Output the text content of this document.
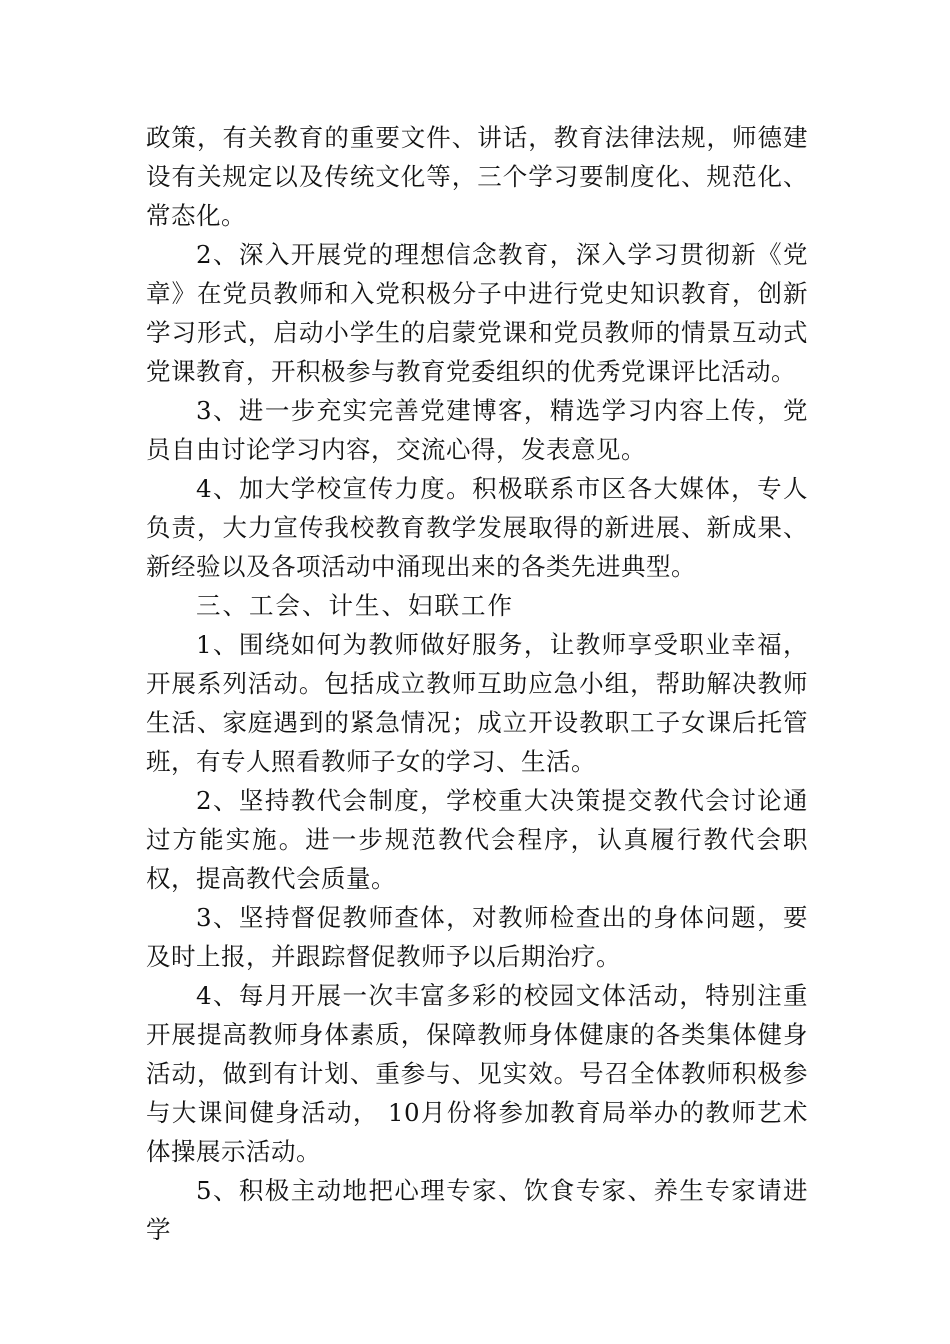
政策，有关教育的重要文件、讲话，教育法律法规，师德建设有关规定以及传统文化等，三个学习要制度化、规范化、常态化。

2、深入开展党的理想信念教育，深入学习贯彻新《党章》在党员教师和入党积极分子中进行党史知识教育，创新学习形式，启动小学生的启蒙党课和党员教师的情景互动式党课教育，开积极参与教育党委组织的优秀党课评比活动。

3、进一步充实完善党建博客，精选学习内容上传，党员自由讨论学习内容，交流心得，发表意见。

4、加大学校宣传力度。积极联系市区各大媒体，专人负责，大力宣传我校教育教学发展取得的新进展、新成果、新经验以及各项活动中涌现出来的各类先进典型。

三、工会、计生、妇联工作

1、围绕如何为教师做好服务，让教师享受职业幸福，开展系列活动。包括成立教师互助应急小组，帮助解决教师生活、家庭遇到的紧急情况；成立开设教职工子女课后托管班，有专人照看教师子女的学习、生活。

2、坚持教代会制度，学校重大决策提交教代会讨论通过方能实施。进一步规范教代会程序，认真履行教代会职权，提高教代会质量。

3、坚持督促教师查体，对教师检查出的身体问题，要及时上报，并跟踪督促教师予以后期治疗。

4、每月开展一次丰富多彩的校园文体活动，特别注重开展提高教师身体素质，保障教师身体健康的各类集体健身活动，做到有计划、重参与、见实效。号召全体教师积极参与大课间健身活动， 10月份将参加教育局举办的教师艺术体操展示活动。

5、积极主动地把心理专家、饮食专家、养生专家请进学
